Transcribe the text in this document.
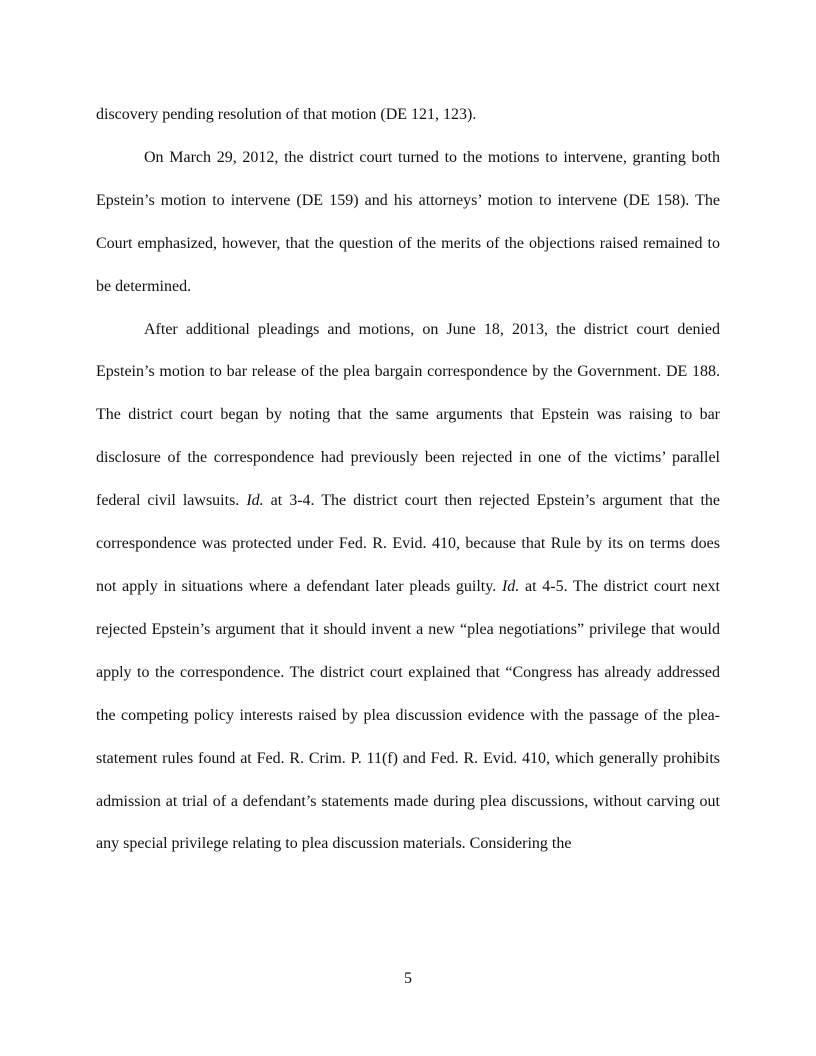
discovery pending resolution of that motion (DE 121, 123).

On March 29, 2012, the district court turned to the motions to intervene, granting both Epstein’s motion to intervene (DE 159) and his attorneys’ motion to intervene (DE 158). The Court emphasized, however, that the question of the merits of the objections raised remained to be determined.

After additional pleadings and motions, on June 18, 2013, the district court denied Epstein’s motion to bar release of the plea bargain correspondence by the Government. DE 188. The district court began by noting that the same arguments that Epstein was raising to bar disclosure of the correspondence had previously been rejected in one of the victims’ parallel federal civil lawsuits. Id. at 3-4. The district court then rejected Epstein’s argument that the correspondence was protected under Fed. R. Evid. 410, because that Rule by its on terms does not apply in situations where a defendant later pleads guilty. Id. at 4-5. The district court next rejected Epstein’s argument that it should invent a new “plea negotiations” privilege that would apply to the correspondence. The district court explained that “Congress has already addressed the competing policy interests raised by plea discussion evidence with the passage of the plea-statement rules found at Fed. R. Crim. P. 11(f) and Fed. R. Evid. 410, which generally prohibits admission at trial of a defendant’s statements made during plea discussions, without carving out any special privilege relating to plea discussion materials. Considering the

5
